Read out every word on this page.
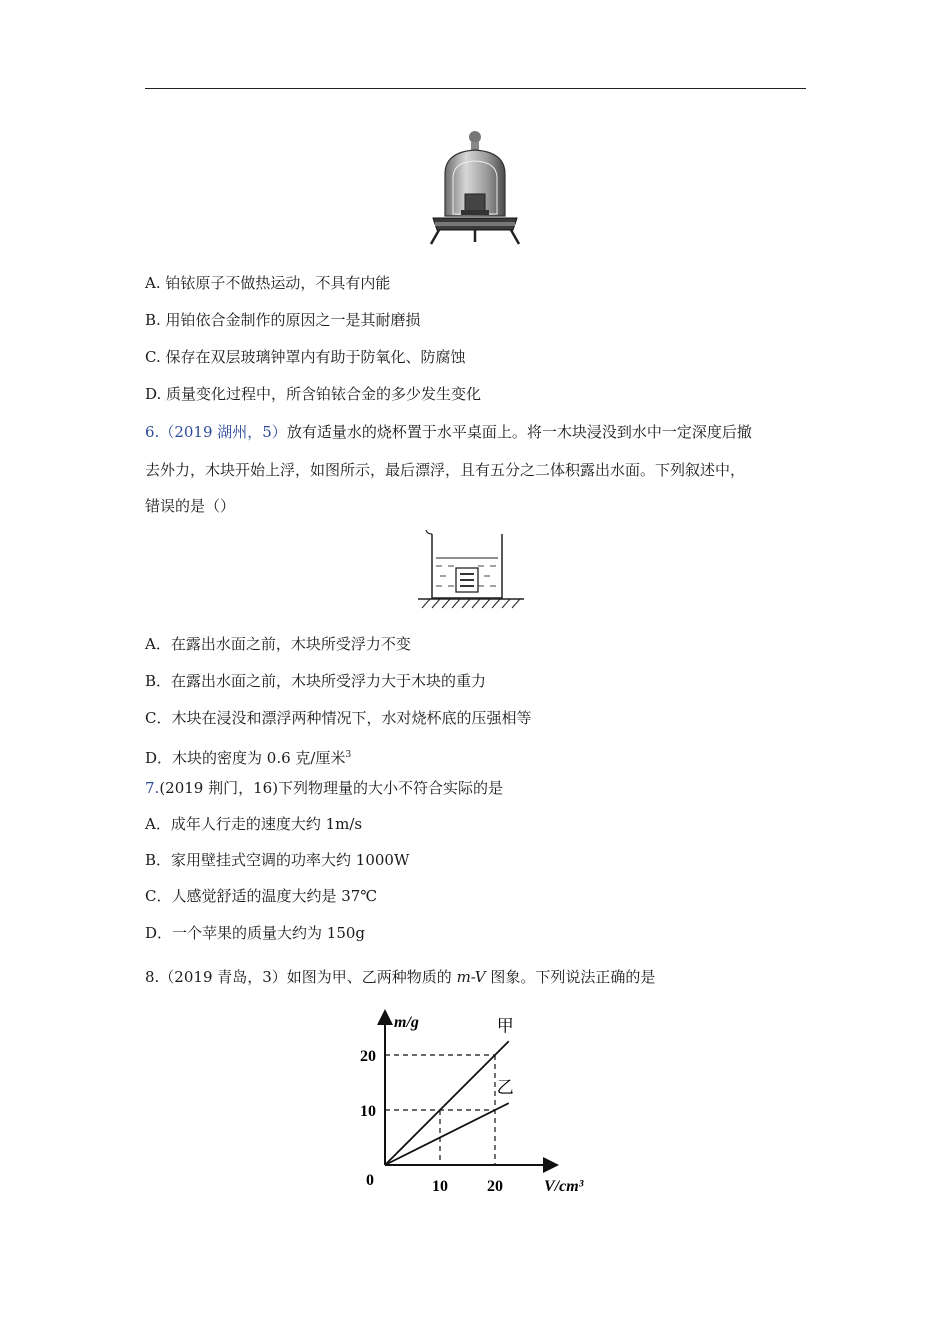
A. 铂铱原子不做热运动，不具有内能
B. 用铂依合金制作的原因之一是其耐磨损
C. 保存在双层玻璃钟罩内有助于防氧化、防腐蚀
D. 质量变化过程中，所含铂铱合金的多少发生变化
6.（2019 湖州，5）放有适量水的烧杯置于水平桌面上。将一木块浸没到水中一定深度后撤
去外力，木块开始上浮，如图所示，最后漂浮，且有五分之二体积露出水面。下列叙述中，
错误的是（）
A．在露出水面之前，木块所受浮力不变
B．在露出水面之前，木块所受浮力大于木块的重力
C．木块在浸没和漂浮两种情况下，水对烧杯底的压强相等
D．木块的密度为 0.6 克/厘米$^3$
7.(2019 荆门，16)下列物理量的大小不符合实际的是
A．成年人行走的速度大约 1m/s
B．家用壁挂式空调的功率大约 1000W
C．人感觉舒适的温度大约是 37℃
D．一个苹果的质量大约为 150g
8.（2019 青岛，3）如图为甲、乙两种物质的 m-V 图象。下列说法正确的是
m/g
V/cm³
0	10 20
10
20
甲
乙
